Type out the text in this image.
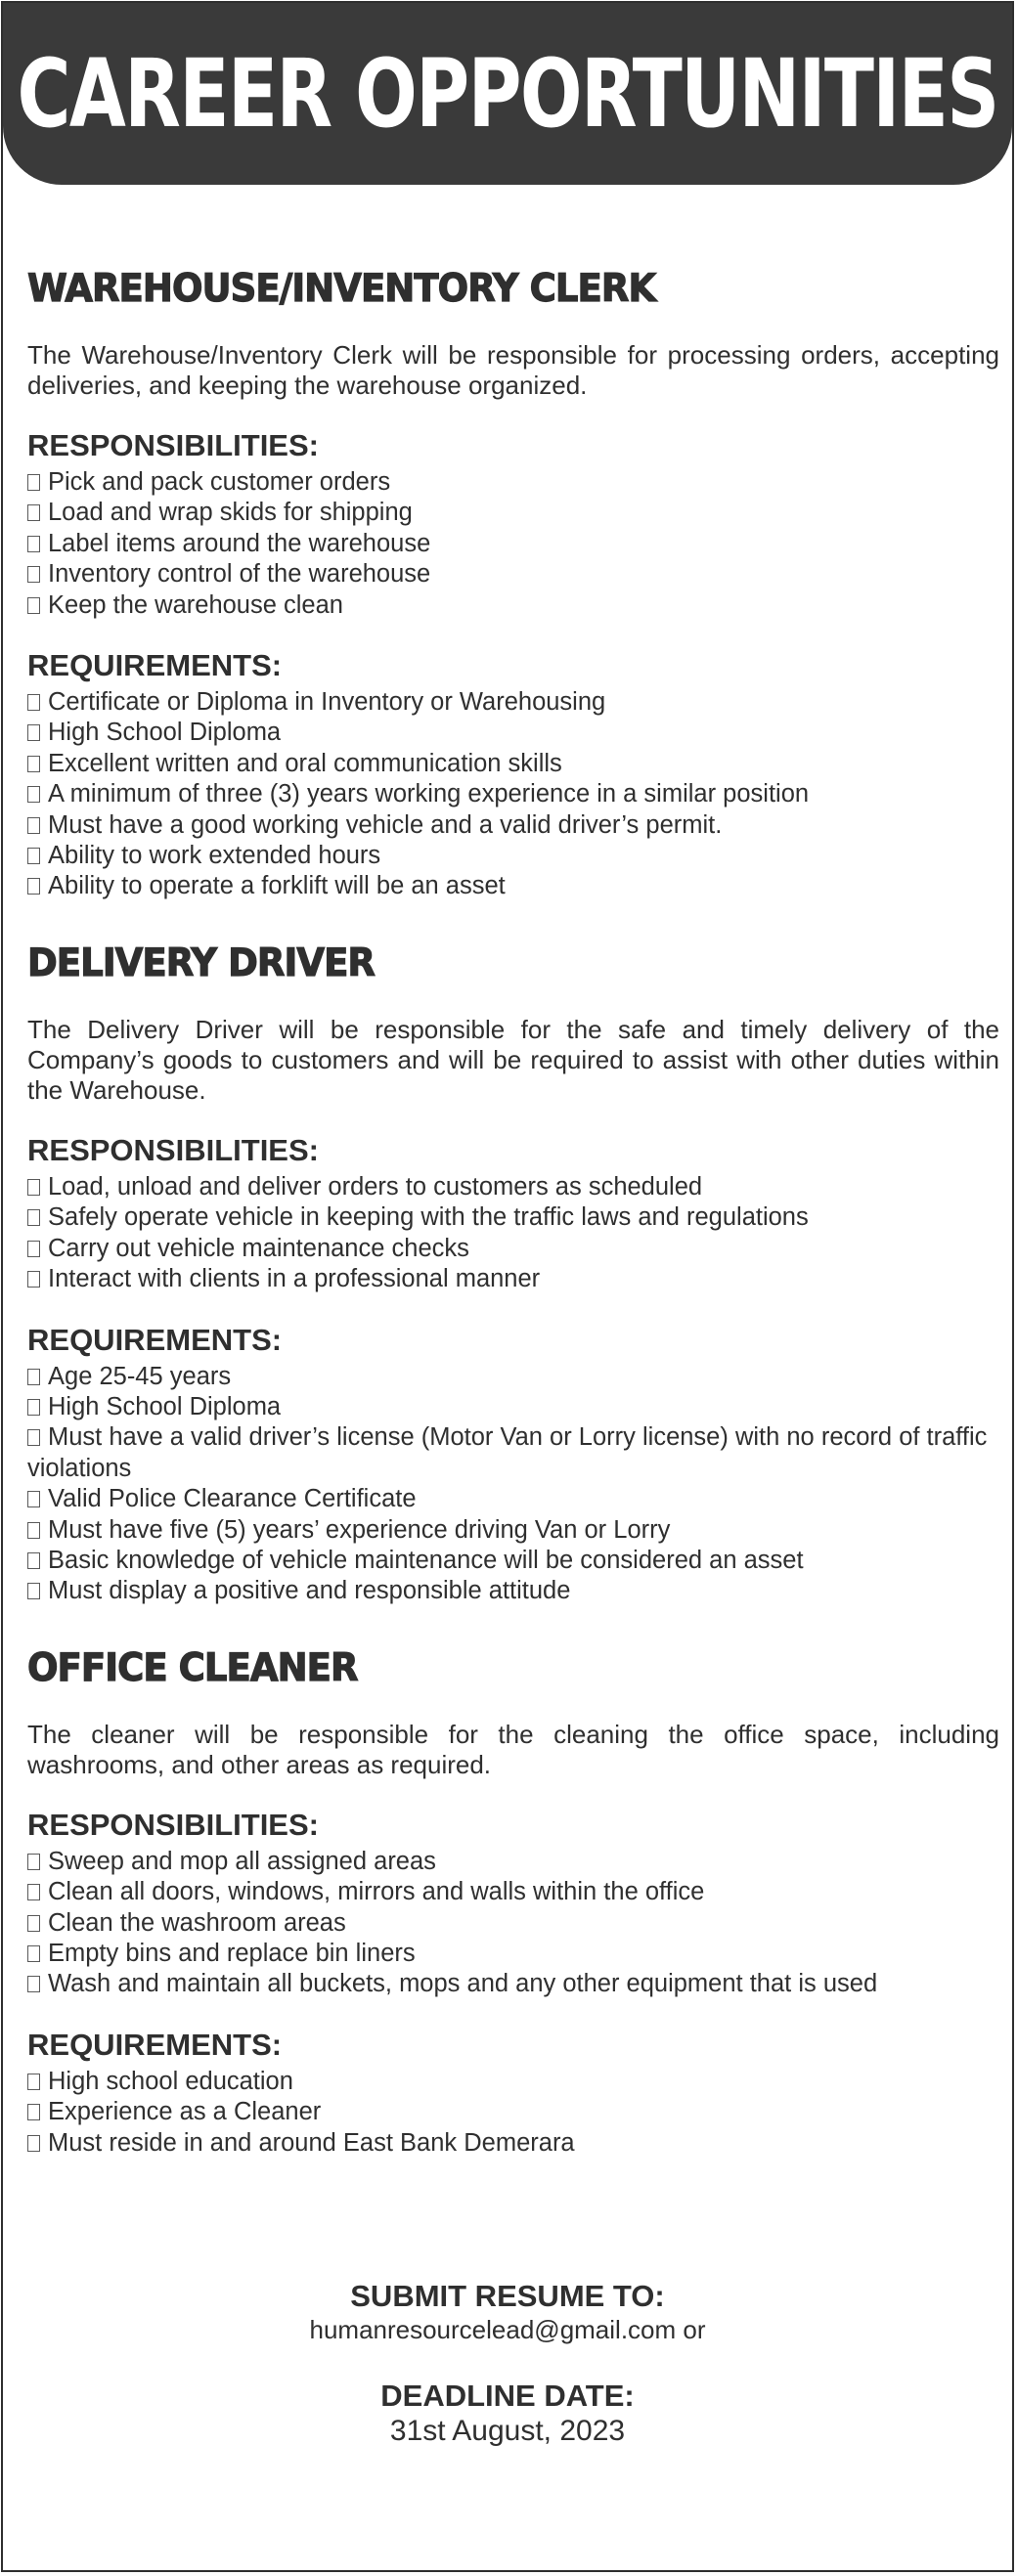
CAREER OPPORTUNITIES
WAREHOUSE/INVENTORY CLERK

The Warehouse/Inventory Clerk will be responsible for processing orders, accepting deliveries, and keeping the warehouse organized.

RESPONSIBILITIES:
Pick and pack customer orders
Load and wrap skids for shipping
Label items around the warehouse
Inventory control of the warehouse
Keep the warehouse clean
REQUIREMENTS:
Certificate or Diploma in Inventory or Warehousing
High School Diploma
Excellent written and oral communication skills
A minimum of three (3) years working experience in a similar position
Must have a good working vehicle and a valid driver’s permit.
Ability to work extended hours
Ability to operate a forklift will be an asset
DELIVERY DRIVER

The Delivery Driver will be responsible for the safe and timely delivery of the Company’s goods to customers and will be required to assist with other duties within the Warehouse.

RESPONSIBILITIES:
Load, unload and deliver orders to customers as scheduled
Safely operate vehicle in keeping with the traffic laws and regulations
Carry out vehicle maintenance checks
Interact with clients in a professional manner
REQUIREMENTS:
Age 25-45 years
High School Diploma
Must have a valid driver’s license (Motor Van or Lorry license) with no record of traffic violations
Valid Police Clearance Certificate
Must have five (5) years’ experience driving Van or Lorry
Basic knowledge of vehicle maintenance will be considered an asset
Must display a positive and responsible attitude
OFFICE CLEANER

The cleaner will be responsible for the cleaning the office space, including washrooms, and other areas as required.

RESPONSIBILITIES:
Sweep and mop all assigned areas
Clean all doors, windows, mirrors and walls within the office
Clean the washroom areas
Empty bins and replace bin liners
Wash and maintain all buckets, mops and any other equipment that is used
REQUIREMENTS:
High school education
Experience as a Cleaner
Must reside in and around East Bank Demerara
SUBMIT RESUME TO:
humanresourcelead@gmail.com or
DEADLINE DATE:
31st August, 2023
